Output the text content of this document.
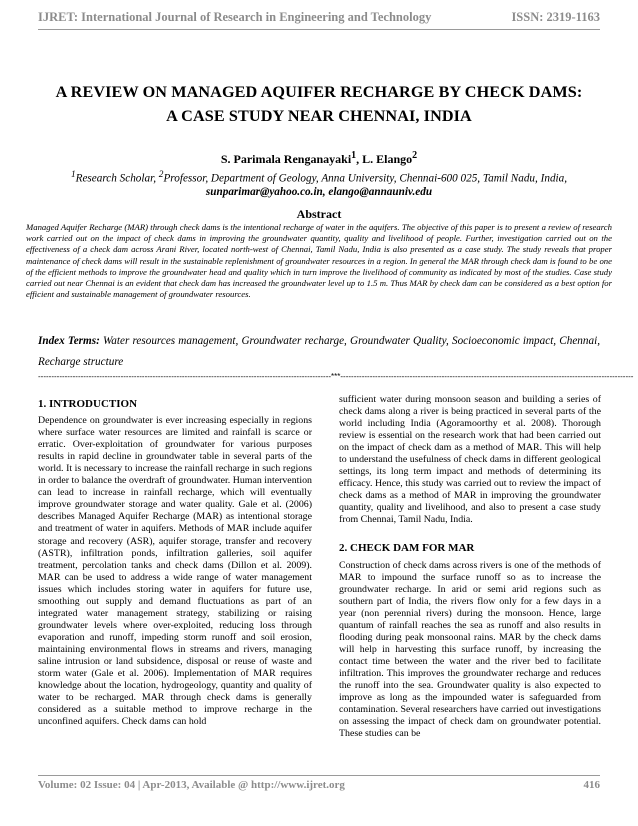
IJRET: International Journal of Research in Engineering and Technology	ISSN: 2319-1163
A REVIEW ON MANAGED AQUIFER RECHARGE BY CHECK DAMS:
A CASE STUDY NEAR CHENNAI, INDIA
S. Parimala Renganayaki$^1$, L. Elango$^2$
$^1$Research Scholar, $^2$Professor, Department of Geology, Anna University, Chennai-600 025, Tamil Nadu, India,
sunparimar@yahoo.co.in, elango@annauniv.edu
Abstract
Managed Aquifer Recharge (MAR) through check dams is the intentional recharge of water in the aquifers. The objective of this paper is to present a review of research work carried out on the impact of check dams in improving the groundwater quantity, quality and livelihood of people. Further, investigation carried out on the effectiveness of a check dam across Arani River, located north-west of Chennai, Tamil Nadu, India is also presented as a case study. The study reveals that proper maintenance of check dams will result in the sustainable replenishment of groundwater resources in a region. In general the MAR through check dam is found to be one of the efficient methods to improve the groundwater head and quality which in turn improve the livelihood of community as indicated by most of the studies. Case study carried out near Chennai is an evident that check dam has increased the groundwater level up to 1.5 m. Thus MAR by check dam can be considered as a best option for efficient and sustainable management of groundwater resources.
Index Terms: Water resources management, Groundwater recharge, Groundwater Quality, Socioeconomic impact, Chennai, Recharge structure
--------------------------------------------------------------------------------------------------------------***--------------------------------------------------------------------------------------------------------------
1. INTRODUCTION

Dependence on groundwater is ever increasing especially in regions where surface water resources are limited and rainfall is scarce or erratic. Over-exploitation of groundwater for various purposes results in rapid decline in groundwater table in several parts of the world. It is necessary to increase the rainfall recharge in such regions in order to balance the overdraft of groundwater. Human intervention can lead to increase in rainfall recharge, which will eventually improve groundwater storage and water quality. Gale et al. (2006) describes Managed Aquifer Recharge (MAR) as intentional storage and treatment of water in aquifers. Methods of MAR include aquifer storage and recovery (ASR), aquifer storage, transfer and recovery (ASTR), infiltration ponds, infiltration galleries, soil aquifer treatment, percolation tanks and check dams (Dillon et al. 2009). MAR can be used to address a wide range of water management issues which includes storing water in aquifers for future use, smoothing out supply and demand fluctuations as part of an integrated water management strategy, stabilizing or raising groundwater levels where over-exploited, reducing loss through evaporation and runoff, impeding storm runoff and soil erosion, maintaining environmental flows in streams and rivers, managing saline intrusion or land subsidence, disposal or reuse of waste and storm water (Gale et al. 2006). Implementation of MAR requires knowledge about the location, hydrogeology, quantity and quality of water to be recharged. MAR through check dams is generally considered as a suitable method to improve recharge in the unconfined aquifers. Check dams can hold

sufficient water during monsoon season and building a series of check dams along a river is being practiced in several parts of the world including India (Agoramoorthy et al. 2008). Thorough review is essential on the research work that had been carried out on the impact of check dam as a method of MAR. This will help to understand the usefulness of check dams in different geological settings, its long term impact and methods of determining its efficacy. Hence, this study was carried out to review the impact of check dams as a method of MAR in improving the groundwater quantity, quality and livelihood, and also to present a case study from Chennai, Tamil Nadu, India.

2. CHECK DAM FOR MAR

Construction of check dams across rivers is one of the methods of MAR to impound the surface runoff so as to increase the groundwater recharge. In arid or semi arid regions such as southern part of India, the rivers flow only for a few days in a year (non perennial rivers) during the monsoon. Hence, large quantum of rainfall reaches the sea as runoff and also results in flooding during peak monsoonal rains. MAR by the check dams will help in harvesting this surface runoff, by increasing the contact time between the water and the river bed to facilitate infiltration. This improves the groundwater recharge and reduces the runoff into the sea. Groundwater quality is also expected to improve as long as the impounded water is safeguarded from contamination. Several researchers have carried out investigations on assessing the impact of check dam on groundwater potential. These studies can be

Volume: 02 Issue: 04 | Apr-2013, Available @ http://www.ijret.org	416
